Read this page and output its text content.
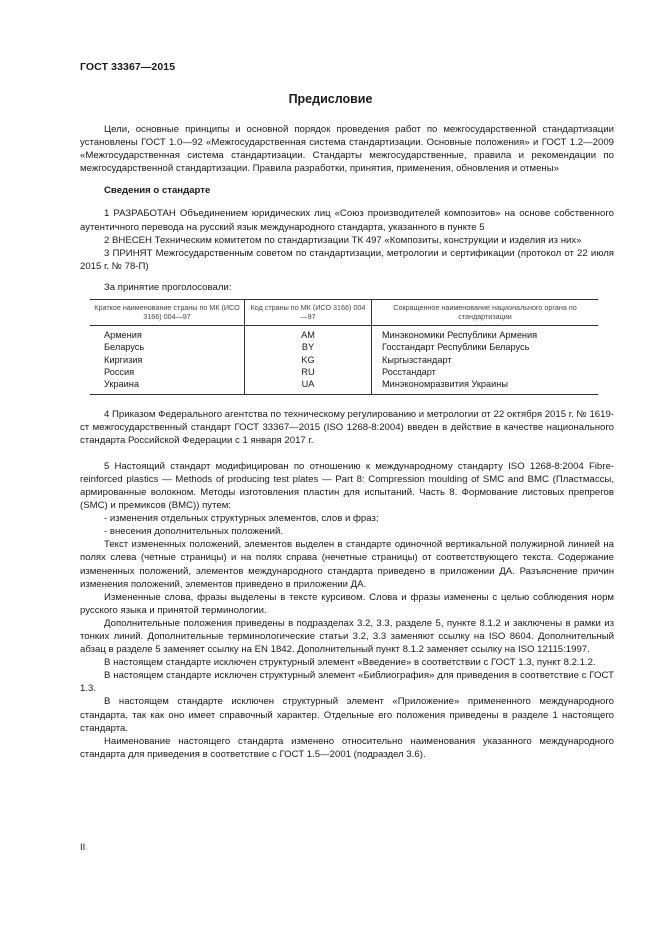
ГОСТ 33367—2015
Предисловие

Цели, основные принципы и основной порядок проведения работ по межгосударственной стандартизации установлены ГОСТ 1.0—92 «Межгосударственная система стандартизации. Основные положения» и ГОСТ 1.2—2009 «Межгосударственная система стандартизации. Стандарты межгосударственные, правила и рекомендации по межгосударственной стандартизации. Правила разработки, принятия, применения, обновления и отмены»

Сведения о стандарте

1 РАЗРАБОТАН Объединением юридических лиц «Союз производителей композитов» на основе собственного аутентичного перевода на русский язык международного стандарта, указанного в пункте 5

2 ВНЕСЕН Техническим комитетом по стандартизации ТК 497 «Композиты, конструкции и изделия из них»

3 ПРИНЯТ Межгосударственным советом по стандартизации, метрологии и сертификации (протокол от 22 июля 2015 г. № 78-П)

За принятие проголосовали:

Краткое наименование страны по МК (ИСО 3166) 004—97	Код страны по МК (ИСО 3166) 004—97	Сокращенное наименование национального органа по стандартизации
Армения	AM	Минэкономики Республики Армения
Беларусь	BY	Госстандарт Республики Беларусь
Киргизия	KG	Кыргызстандарт
Россия	RU	Росстандарт
Украина	UA	Минэкономразвития Украины

4 Приказом Федерального агентства по техническому регулированию и метрологии от 22 октября 2015 г. № 1619-ст межгосударственный стандарт ГОСТ 33367—2015 (ISO 1268-8:2004) введен в действие в качестве национального стандарта Российской Федерации с 1 января 2017 г.

5 Настоящий стандарт модифицирован по отношению к международному стандарту ISO 1268-8:2004 Fibre-reinforced plastics — Methods of producing test plates — Part 8: Compression moulding of SMC and BMC (Пластмассы, армированные волокном. Методы изготовления пластин для испытаний. Часть 8. Формование листовых препрегов (SMC) и премиксов (BMC)) путем:

- изменения отдельных структурных элементов, слов и фраз;

- внесения дополнительных положений.

Текст измененных положений, элементов выделен в стандарте одиночной вертикальной полужирной линией на полях слева (четные страницы) и на полях справа (нечетные страницы) от соответствующего текста. Содержание измененных положений, элементов международного стандарта приведено в приложении ДА. Разъяснение причин изменения положений, элементов приведено в приложении ДА.

Измененные слова, фразы выделены в тексте курсивом. Слова и фразы изменены с целью соблюдения норм русского языка и принятой терминологии.

Дополнительные положения приведены в подразделах 3.2, 3.3, разделе 5, пункте 8.1.2 и заключены в рамки из тонких линий. Дополнительные терминологические статьи 3.2, 3.3 заменяют ссылку на ISO 8604. Дополнительный абзац в разделе 5 заменяет ссылку на EN 1842. Дополнительный пункт 8.1.2 заменяет ссылку на ISO 12115:1997.

В настоящем стандарте исключен структурный элемент «Введение» в соответствии с ГОСТ 1.3, пункт 8.2.1.2.

В настоящем стандарте исключен структурный элемент «Библиография» для приведения в соответствие с ГОСТ 1.3.

В настоящем стандарте исключен структурный элемент «Приложение» примененного международного стандарта, так как оно имеет справочный характер. Отдельные его положения приведены в разделе 1 настоящего стандарта.

Наименование настоящего стандарта изменено относительно наименования указанного международного стандарта для приведения в соответствие с ГОСТ 1.5—2001 (подраздел 3.6).

II
